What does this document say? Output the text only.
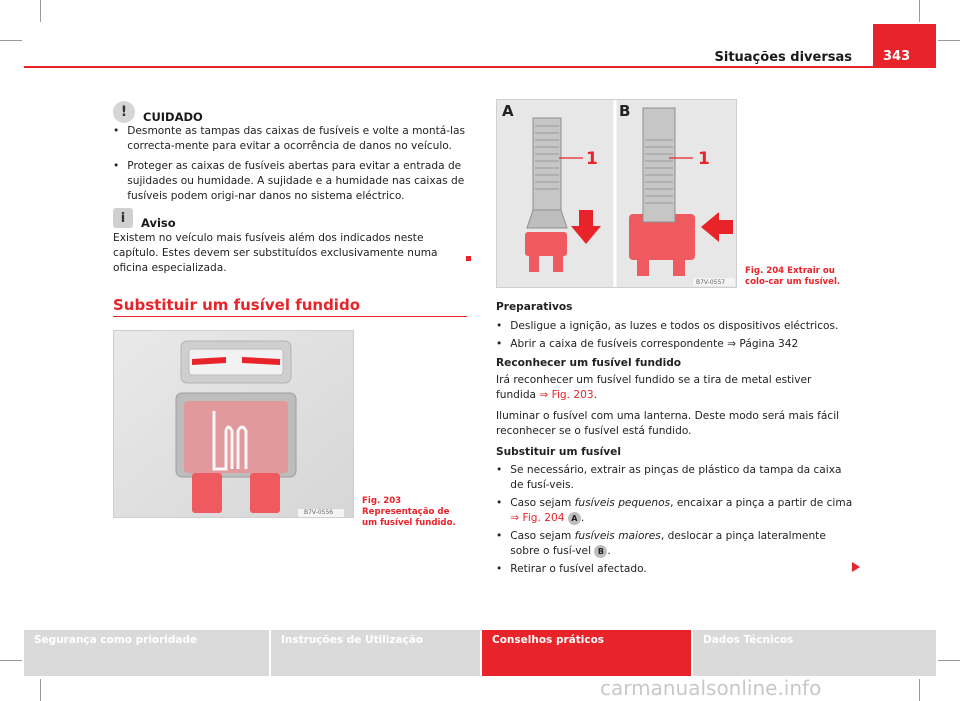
Situações diversas	343
!	CUIDADO
• Desmonte as tampas das caixas de fusíveis e volte a montá-las correcta-mente para evitar a ocorrência de danos no veículo.
• Proteger as caixas de fusíveis abertas para evitar a entrada de sujidades ou humidade. A sujidade e a humidade nas caixas de fusíveis podem origi-nar danos no sistema eléctrico.
i	Aviso
Existem no veículo mais fusíveis além dos indicados neste capítulo. Estes devem ser substituídos exclusivamente numa oficina especializada.
Substituir um fusível fundido
B7V-0556
Fig. 203 Representação de um fusível fundido.
A	B
1	1
B7V-0557
Fig. 204 Extrair ou colo-car um fusível.
Preparativos
• Desligue a ignição, as luzes e todos os dispositivos eléctricos.
• Abrir a caixa de fusíveis correspondente ⇒ Página 342
Reconhecer um fusível fundido
Irá reconhecer um fusível fundido se a tira de metal estiver fundida ⇒ Fig. 203.
Iluminar o fusível com uma lanterna. Deste modo será mais fácil reconhecer se o fusível está fundido.
Substituir um fusível
• Se necessário, extrair as pinças de plástico da tampa da caixa de fusí-veis.
• Caso sejam fusíveis pequenos, encaixar a pinça a partir de cima ⇒ Fig. 204 A .
• Caso sejam fusíveis maiores, deslocar a pinça lateralmente sobre o fusí-vel B .
• Retirar o fusível afectado.
Segurança como prioridade	Instruções de Utilização	Conselhos práticos	Dados Técnicos
carmanualsonline.info
